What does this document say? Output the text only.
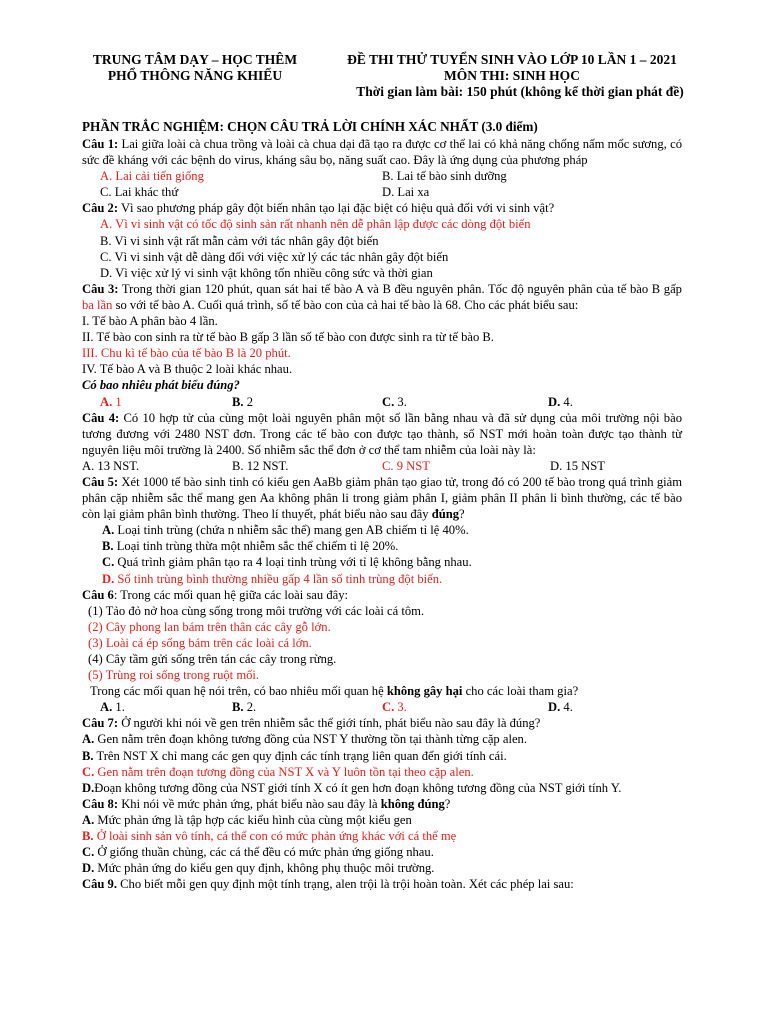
TRUNG TÂM DẠY – HỌC THÊM
PHỔ THÔNG NĂNG KHIẾU
ĐỀ THI THỬ TUYỂN SINH VÀO LỚP 10 LẦN 1 – 2021
MÔN THI: SINH HỌC
Thời gian làm bài: 150 phút (không kể thời gian phát đề)
PHẦN TRẮC NGHIỆM: CHỌN CÂU TRẢ LỜI CHÍNH XÁC NHẤT (3.0 điểm)
Câu 1: Lai giữa loài cà chua trồng và loài cà chua dại đã tạo ra được cơ thể lai có khả năng chống nấm mốc sương, có sức đề kháng với các bệnh do virus, kháng sâu bọ, năng suất cao. Đây là ứng dụng của phương pháp
A. Lai cải tiến giống	B. Lai tế bào sinh dưỡng
C. Lai khác thứ	D. Lai xa
Câu 2: Vì sao phương pháp gây đột biến nhân tạo lại đặc biệt có hiệu quả đối với vi sinh vật?
A. Vì vi sinh vật có tốc độ sinh sản rất nhanh nên dễ phân lập được các dòng đột biến
B. Vì vi sinh vật rất mẫn cảm với tác nhân gây đột biến
C. Vì vi sinh vật dễ dàng đối với việc xử lý các tác nhân gây đột biến
D. Vì việc xử lý vi sinh vật không tốn nhiều công sức và thời gian
Câu 3: Trong thời gian 120 phút, quan sát hai tế bào A và B đều nguyên phân. Tốc độ nguyên phân của tế bào B gấp ba lần so với tế bào A. Cuối quá trình, số tế bào con của cả hai tế bào là 68. Cho các phát biểu sau:
I. Tế bào A phân bào 4 lần.
II. Tế bào con sinh ra từ tế bào B gấp 3 lần số tế bào con được sinh ra từ tế bào B.
III. Chu kì tế bào của tế bào B là 20 phút.
IV. Tế bào A và B thuộc 2 loài khác nhau.
Có bao nhiêu phát biểu đúng?
A. 1	B. 2	C. 3.	D. 4.
Câu 4: Có 10 hợp tử của cùng một loài nguyên phân một số lần bằng nhau và đã sử dụng của môi trường nội bào tương đương với 2480 NST đơn. Trong các tế bào con được tạo thành, số NST mới hoàn toàn được tạo thành từ nguyên liệu môi trường là 2400. Số nhiễm sắc thể đơn ở cơ thể tam nhiễm của loài này là:
A. 13 NST.	B. 12 NST.	C. 9 NST	D. 15 NST
Câu 5: Xét 1000 tế bào sinh tinh có kiểu gen AaBb giảm phân tạo giao tử, trong đó có 200 tế bào trong quá trình giảm phân cặp nhiễm sắc thể mang gen Aa không phân li trong giảm phân I, giảm phân II phân li bình thường, các tế bào còn lại giảm phân bình thường. Theo lí thuyết, phát biểu nào sau đây đúng?
A. Loại tinh trùng (chứa n nhiễm sắc thể) mang gen AB chiếm tỉ lệ 40%.
B. Loại tinh trùng thừa một nhiễm sắc thể chiếm tỉ lệ 20%.
C. Quá trình giảm phân tạo ra 4 loại tinh trùng với tỉ lệ không bằng nhau.
D. Số tinh trùng bình thường nhiều gấp 4 lần số tinh trùng đột biến.
Câu 6: Trong các mối quan hệ giữa các loài sau đây:
(1) Tảo đỏ nở hoa cùng sống trong môi trường với các loài cá tôm.
(2) Cây phong lan bám trên thân các cây gỗ lớn.
(3) Loài cá ép sống bám trên các loài cá lớn.
(4) Cây tầm gửi sống trên tán các cây trong rừng.
(5) Trùng roi sống trong ruột mối.
Trong các mối quan hệ nói trên, có bao nhiêu mối quan hệ không gây hại cho các loài tham gia?
A. 1.	B. 2.	C. 3.	D. 4.
Câu 7: Ở người khi nói về gen trên nhiễm sắc thể giới tính, phát biểu nào sau đây là đúng?
A. Gen nằm trên đoạn không tương đồng của NST Y thường tồn tại thành từng cặp alen.
B. Trên NST X chỉ mang các gen quy định các tính trạng liên quan đến giới tính cái.
C. Gen nằm trên đoạn tương đồng của NST X và Y luôn tồn tại theo cặp alen.
D.Đoạn không tương đồng của NST giới tính X có ít gen hơn đoạn không tương đồng của NST giới tính Y.
Câu 8: Khi nói về mức phản ứng, phát biểu nào sau đây là không đúng?
A. Mức phản ứng là tập hợp các kiểu hình của cùng một kiểu gen
B. Ở loài sinh sản vô tính, cá thể con có mức phản ứng khác với cá thể mẹ
C. Ở giống thuần chủng, các cá thể đều có mức phản ứng giống nhau.
D. Mức phản ứng do kiểu gen quy định, không phụ thuộc môi trường.
Câu 9. Cho biết mỗi gen quy định một tính trạng, alen trội là trội hoàn toàn. Xét các phép lai sau:
